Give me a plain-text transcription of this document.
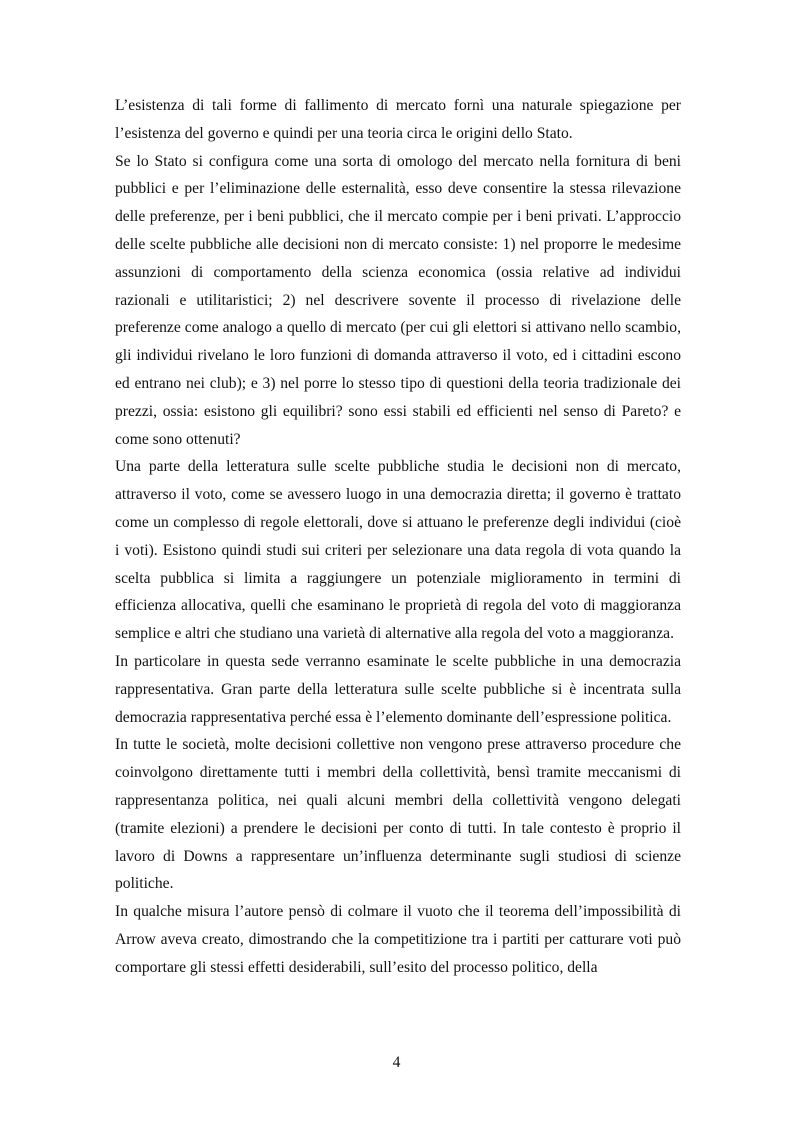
L’esistenza di tali forme di fallimento di mercato fornì una naturale spiegazione per l’esistenza del governo e quindi per una teoria circa le origini dello Stato.

Se lo Stato si configura come una sorta di omologo del mercato nella fornitura di beni pubblici e per l’eliminazione delle esternalità, esso deve consentire la stessa rilevazione delle preferenze, per i beni pubblici, che il mercato compie per i beni privati. L’approccio delle scelte pubbliche alle decisioni non di mercato consiste: 1) nel proporre le medesime assunzioni di comportamento della scienza economica (ossia relative ad individui razionali e utilitaristici; 2) nel descrivere sovente il processo di rivelazione delle preferenze come analogo a quello di mercato (per cui gli elettori si attivano nello scambio, gli individui rivelano le loro funzioni di domanda attraverso il voto, ed i cittadini escono ed entrano nei club); e 3) nel porre lo stesso tipo di questioni della teoria tradizionale dei prezzi, ossia: esistono gli equilibri? sono essi stabili ed efficienti nel senso di Pareto? e come sono ottenuti?

Una parte della letteratura sulle scelte pubbliche studia le decisioni non di mercato, attraverso il voto, come se avessero luogo in una democrazia diretta; il governo è trattato come un complesso di regole elettorali, dove si attuano le preferenze degli individui (cioè i voti). Esistono quindi studi sui criteri per selezionare una data regola di vota quando la scelta pubblica si limita a raggiungere un potenziale miglioramento in termini di efficienza allocativa, quelli che esaminano le proprietà di regola del voto di maggioranza semplice e altri che studiano una varietà di alternative alla regola del voto a maggioranza.

In particolare in questa sede verranno esaminate le scelte pubbliche in una democrazia rappresentativa. Gran parte della letteratura sulle scelte pubbliche si è incentrata sulla democrazia rappresentativa perché essa è l’elemento dominante dell’espressione politica.

In tutte le società, molte decisioni collettive non vengono prese attraverso procedure che coinvolgono direttamente tutti i membri della collettività, bensì tramite meccanismi di rappresentanza politica, nei quali alcuni membri della collettività vengono delegati (tramite elezioni) a prendere le decisioni per conto di tutti. In tale contesto è proprio il lavoro di Downs a rappresentare un’influenza determinante sugli studiosi di scienze politiche.

In qualche misura l’autore pensò di colmare il vuoto che il teorema dell’impossibilità di Arrow aveva creato, dimostrando che la competitizione tra i partiti per catturare voti può comportare gli stessi effetti desiderabili, sull’esito del processo politico, della

4
